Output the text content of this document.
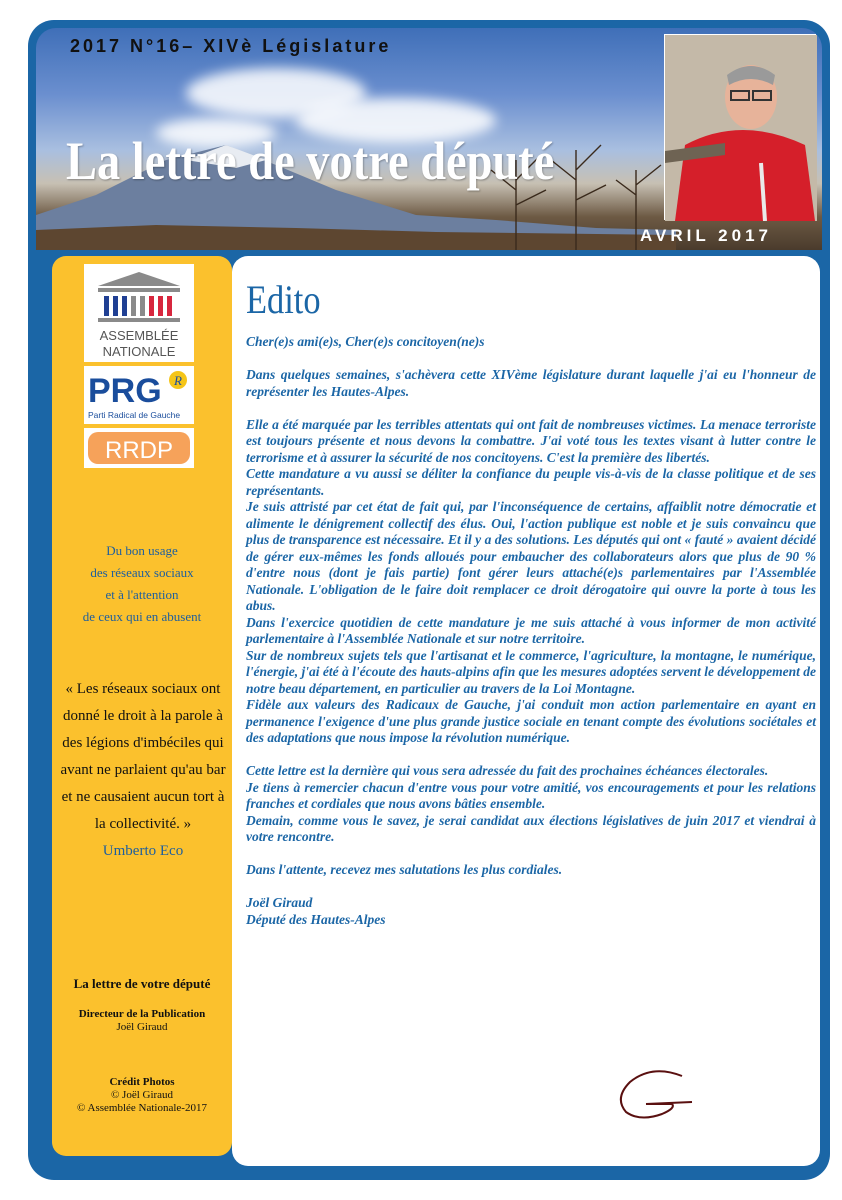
2017 N°16– XIVè Législature
La lettre de votre député
AVRIL 2017
ASSEMBLÉE
NATIONALE
PRG R
Parti Radical de Gauche
RRDP
Du bon usage
des réseaux sociaux
et à l'attention
de ceux qui en abusent
« Les réseaux sociaux ont donné le droit à la parole à des légions d'imbéciles qui avant ne parlaient qu'au bar et ne causaient aucun tort à la collectivité. »
Umberto Eco
La lettre de votre député
Directeur de la Publication
Joël Giraud
Crédit Photos
© Joël Giraud
© Assemblée Nationale-2017
Edito

Cher(e)s ami(e)s, Cher(e)s concitoyen(ne)s

Dans quelques semaines, s'achèvera cette XIVème législature durant laquelle j'ai eu l'honneur de représenter les Hautes-Alpes.

Elle a été marquée par les terribles attentats qui ont fait de nombreuses victimes. La menace terroriste est toujours présente et nous devons la combattre. J'ai voté tous les textes visant à lutter contre le terrorisme et à assurer la sécurité de nos concitoyens. C'est la première des libertés.

Cette mandature a vu aussi se déliter la confiance du peuple vis-à-vis de la classe politique et de ses représentants.

Je suis attristé par cet état de fait qui, par l'inconséquence de certains, affaiblit notre démocratie et alimente le dénigrement collectif des élus. Oui, l'action publique est noble et je suis convaincu que plus de transparence est nécessaire. Et il y a des solutions. Les députés qui ont « fauté » avaient décidé de gérer eux-mêmes les fonds alloués pour embaucher des collaborateurs alors que plus de 90 % d'entre nous (dont je fais partie) font gérer leurs attaché(e)s parlementaires par l'Assemblée Nationale. L'obligation de le faire doit remplacer ce droit dérogatoire qui ouvre la porte à tous les abus.

Dans l'exercice quotidien de cette mandature je me suis attaché à vous informer de mon activité parlementaire à l'Assemblée Nationale et sur notre territoire.

Sur de nombreux sujets tels que l'artisanat et le commerce, l'agriculture, la montagne, le numérique, l'énergie, j'ai été à l'écoute des hauts-alpins afin que les mesures adoptées servent le développement de notre beau département, en particulier au travers de la Loi Montagne.

Fidèle aux valeurs des Radicaux de Gauche, j'ai conduit mon action parlementaire en ayant en permanence l'exigence d'une plus grande justice sociale en tenant compte des évolutions sociétales et des adaptations que nous impose la révolution numérique.

Cette lettre est la dernière qui vous sera adressée du fait des prochaines échéances électorales.

Je tiens à remercier chacun d'entre vous pour votre amitié, vos encouragements et pour les relations franches et cordiales que nous avons bâties ensemble.

Demain, comme vous le savez, je serai candidat aux élections législatives de juin 2017 et viendrai à votre rencontre.

Dans l'attente, recevez mes salutations les plus cordiales.

Joël Giraud

Député des Hautes-Alpes
